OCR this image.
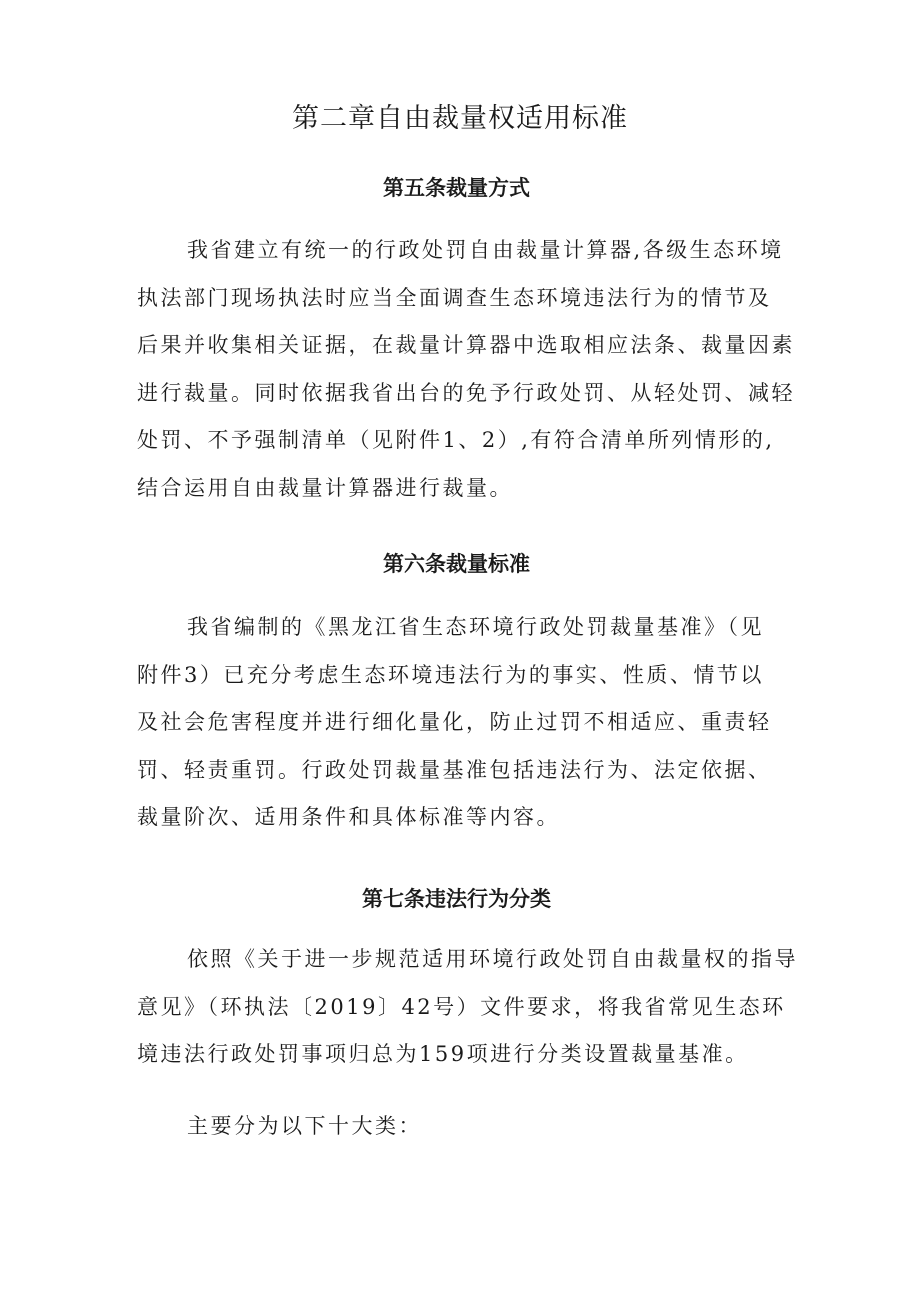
第二章自由裁量权适用标准
第五条裁量方式
我省建立有统一的行政处罚自由裁量计算器,各级生态环境
执法部门现场执法时应当全面调查生态环境违法行为的情节及
后果并收集相关证据，在裁量计算器中选取相应法条、裁量因素
进行裁量。同时依据我省出台的免予行政处罚、从轻处罚、减轻
处罚、不予强制清单（见附件1、2）,有符合清单所列情形的,
结合运用自由裁量计算器进行裁量。
第六条裁量标准
我省编制的《黑龙江省生态环境行政处罚裁量基准》（见
附件3）已充分考虑生态环境违法行为的事实、性质、情节以
及社会危害程度并进行细化量化，防止过罚不相适应、重责轻
罚、轻责重罚。行政处罚裁量基准包括违法行为、法定依据、
裁量阶次、适用条件和具体标准等内容。
第七条违法行为分类
依照《关于进一步规范适用环境行政处罚自由裁量权的指导
意见》（环执法〔2019〕42号）文件要求，将我省常见生态环
境违法行政处罚事项归总为159项进行分类设置裁量基准。
主要分为以下十大类：
